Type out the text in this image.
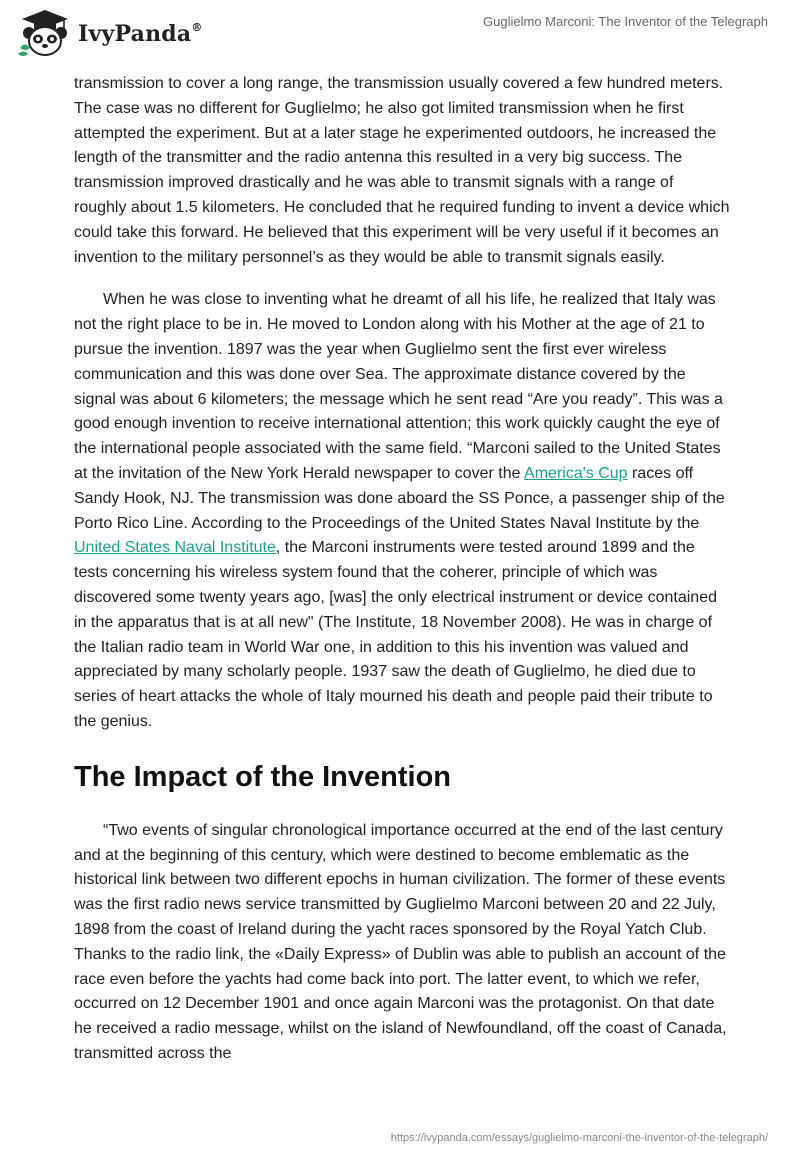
IvyPanda®	Guglielmo Marconi: The Inventor of the Telegraph

transmission to cover a long range, the transmission usually covered a few hundred meters. The case was no different for Guglielmo; he also got limited transmission when he first attempted the experiment. But at a later stage he experimented outdoors, he increased the length of the transmitter and the radio antenna this resulted in a very big success. The transmission improved drastically and he was able to transmit signals with a range of roughly about 1.5 kilometers. He concluded that he required funding to invent a device which could take this forward. He believed that this experiment will be very useful if it becomes an invention to the military personnel’s as they would be able to transmit signals easily.

When he was close to inventing what he dreamt of all his life, he realized that Italy was not the right place to be in. He moved to London along with his Mother at the age of 21 to pursue the invention. 1897 was the year when Guglielmo sent the first ever wireless communication and this was done over Sea. The approximate distance covered by the signal was about 6 kilometers; the message which he sent read “Are you ready”. This was a good enough invention to receive international attention; this work quickly caught the eye of the international people associated with the same field. “Marconi sailed to the United States at the invitation of the New York Herald newspaper to cover the America's Cup races off Sandy Hook, NJ. The transmission was done aboard the SS Ponce, a passenger ship of the Porto Rico Line. According to the Proceedings of the United States Naval Institute by the United States Naval Institute, the Marconi instruments were tested around 1899 and the tests concerning his wireless system found that the coherer, principle of which was discovered some twenty years ago, [was] the only electrical instrument or device contained in the apparatus that is at all new" (The Institute, 18 November 2008). He was in charge of the Italian radio team in World War one, in addition to this his invention was valued and appreciated by many scholarly people. 1937 saw the death of Guglielmo, he died due to series of heart attacks the whole of Italy mourned his death and people paid their tribute to the genius.

The Impact of the Invention

“Two events of singular chronological importance occurred at the end of the last century and at the beginning of this century, which were destined to become emblematic as the historical link between two different epochs in human civilization. The former of these events was the first radio news service transmitted by Guglielmo Marconi between 20 and 22 July, 1898 from the coast of Ireland during the yacht races sponsored by the Royal Yatch Club. Thanks to the radio link, the «Daily Express» of Dublin was able to publish an account of the race even before the yachts had come back into port. The latter event, to which we refer, occurred on 12 December 1901 and once again Marconi was the protagonist. On that date he received a radio message, whilst on the island of Newfoundland, off the coast of Canada, transmitted across the

https://ivypanda.com/essays/guglielmo-marconi-the-inventor-of-the-telegraph/
